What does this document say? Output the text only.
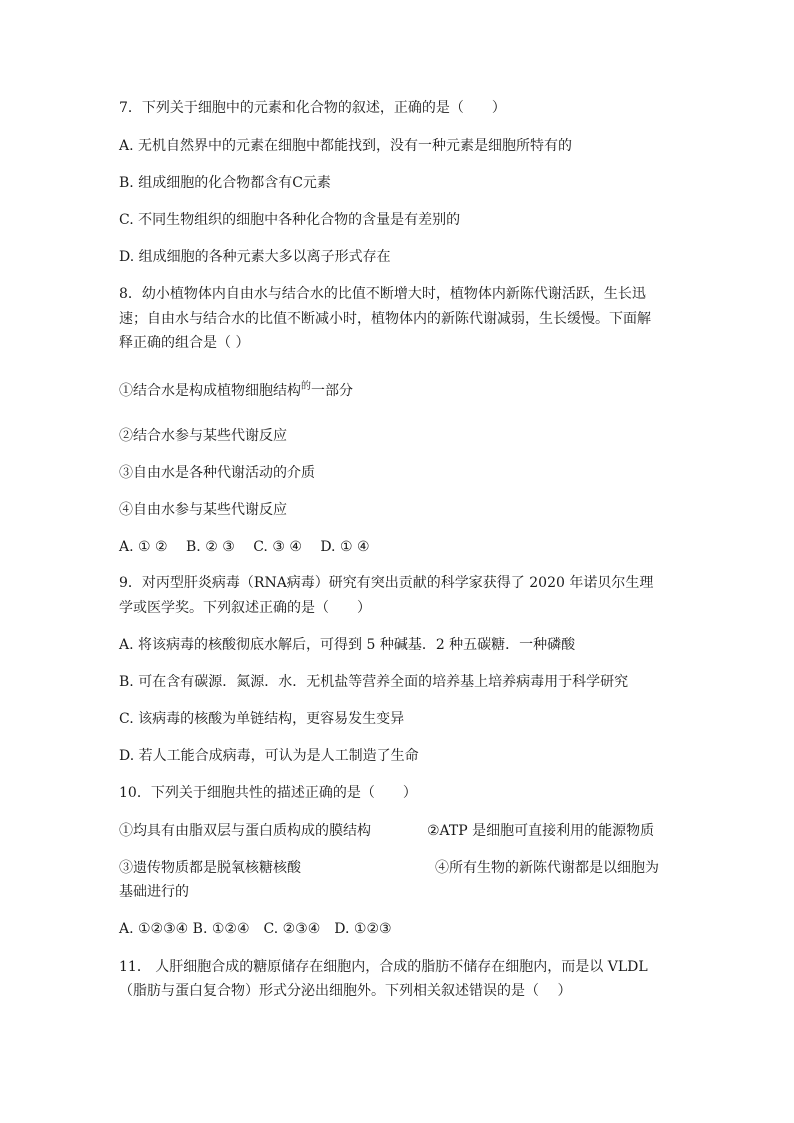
7．下列关于细胞中的元素和化合物的叙述，正确的是（　　）
A. 无机自然界中的元素在细胞中都能找到，没有一种元素是细胞所特有的
B. 组成细胞的化合物都含有C元素
C. 不同生物组织的细胞中各种化合物的含量是有差别的
D. 组成细胞的各种元素大多以离子形式存在
8．幼小植物体内自由水与结合水的比值不断增大时，植物体内新陈代谢活跃，生长迅
速；自由水与结合水的比值不断减小时，植物体内的新陈代谢减弱，生长缓慢。下面解
释正确的组合是（ ）
①结合水是构成植物细胞结构$^的$一部分
②结合水参与某些代谢反应
③自由水是各种代谢活动的介质
④自由水参与某些代谢反应
A. ① ②　 B. ② ③　 C. ③ ④　 D. ① ④
9．对丙型肝炎病毒（RNA病毒）研究有突出贡献的科学家获得了 2020 年诺贝尔生理
学或医学奖。下列叙述正确的是（　　）
A. 将该病毒的核酸彻底水解后，可得到 5 种碱基．2 种五碳糖．一种磷酸
B. 可在含有碳源．氮源．水．无机盐等营养全面的培养基上培养病毒用于科学研究
C. 该病毒的核酸为单链结构，更容易发生变异
D. 若人工能合成病毒，可认为是人工制造了生命
10．下列关于细胞共性的描述正确的是（　　）
①均具有由脂双层与蛋白质构成的膜结构	②ATP 是细胞可直接利用的能源物质
③遗传物质都是脱氧核糖核酸	④所有生物的新陈代谢都是以细胞为
基础进行的
A. ①②③④ B. ①②④　C. ②③④　D. ①②③
11． 人肝细胞合成的糖原储存在细胞内，合成的脂肪不储存在细胞内，而是以 VLDL
（脂肪与蛋白复合物）形式分泌出细胞外。下列相关叙述错误的是（　 ）
